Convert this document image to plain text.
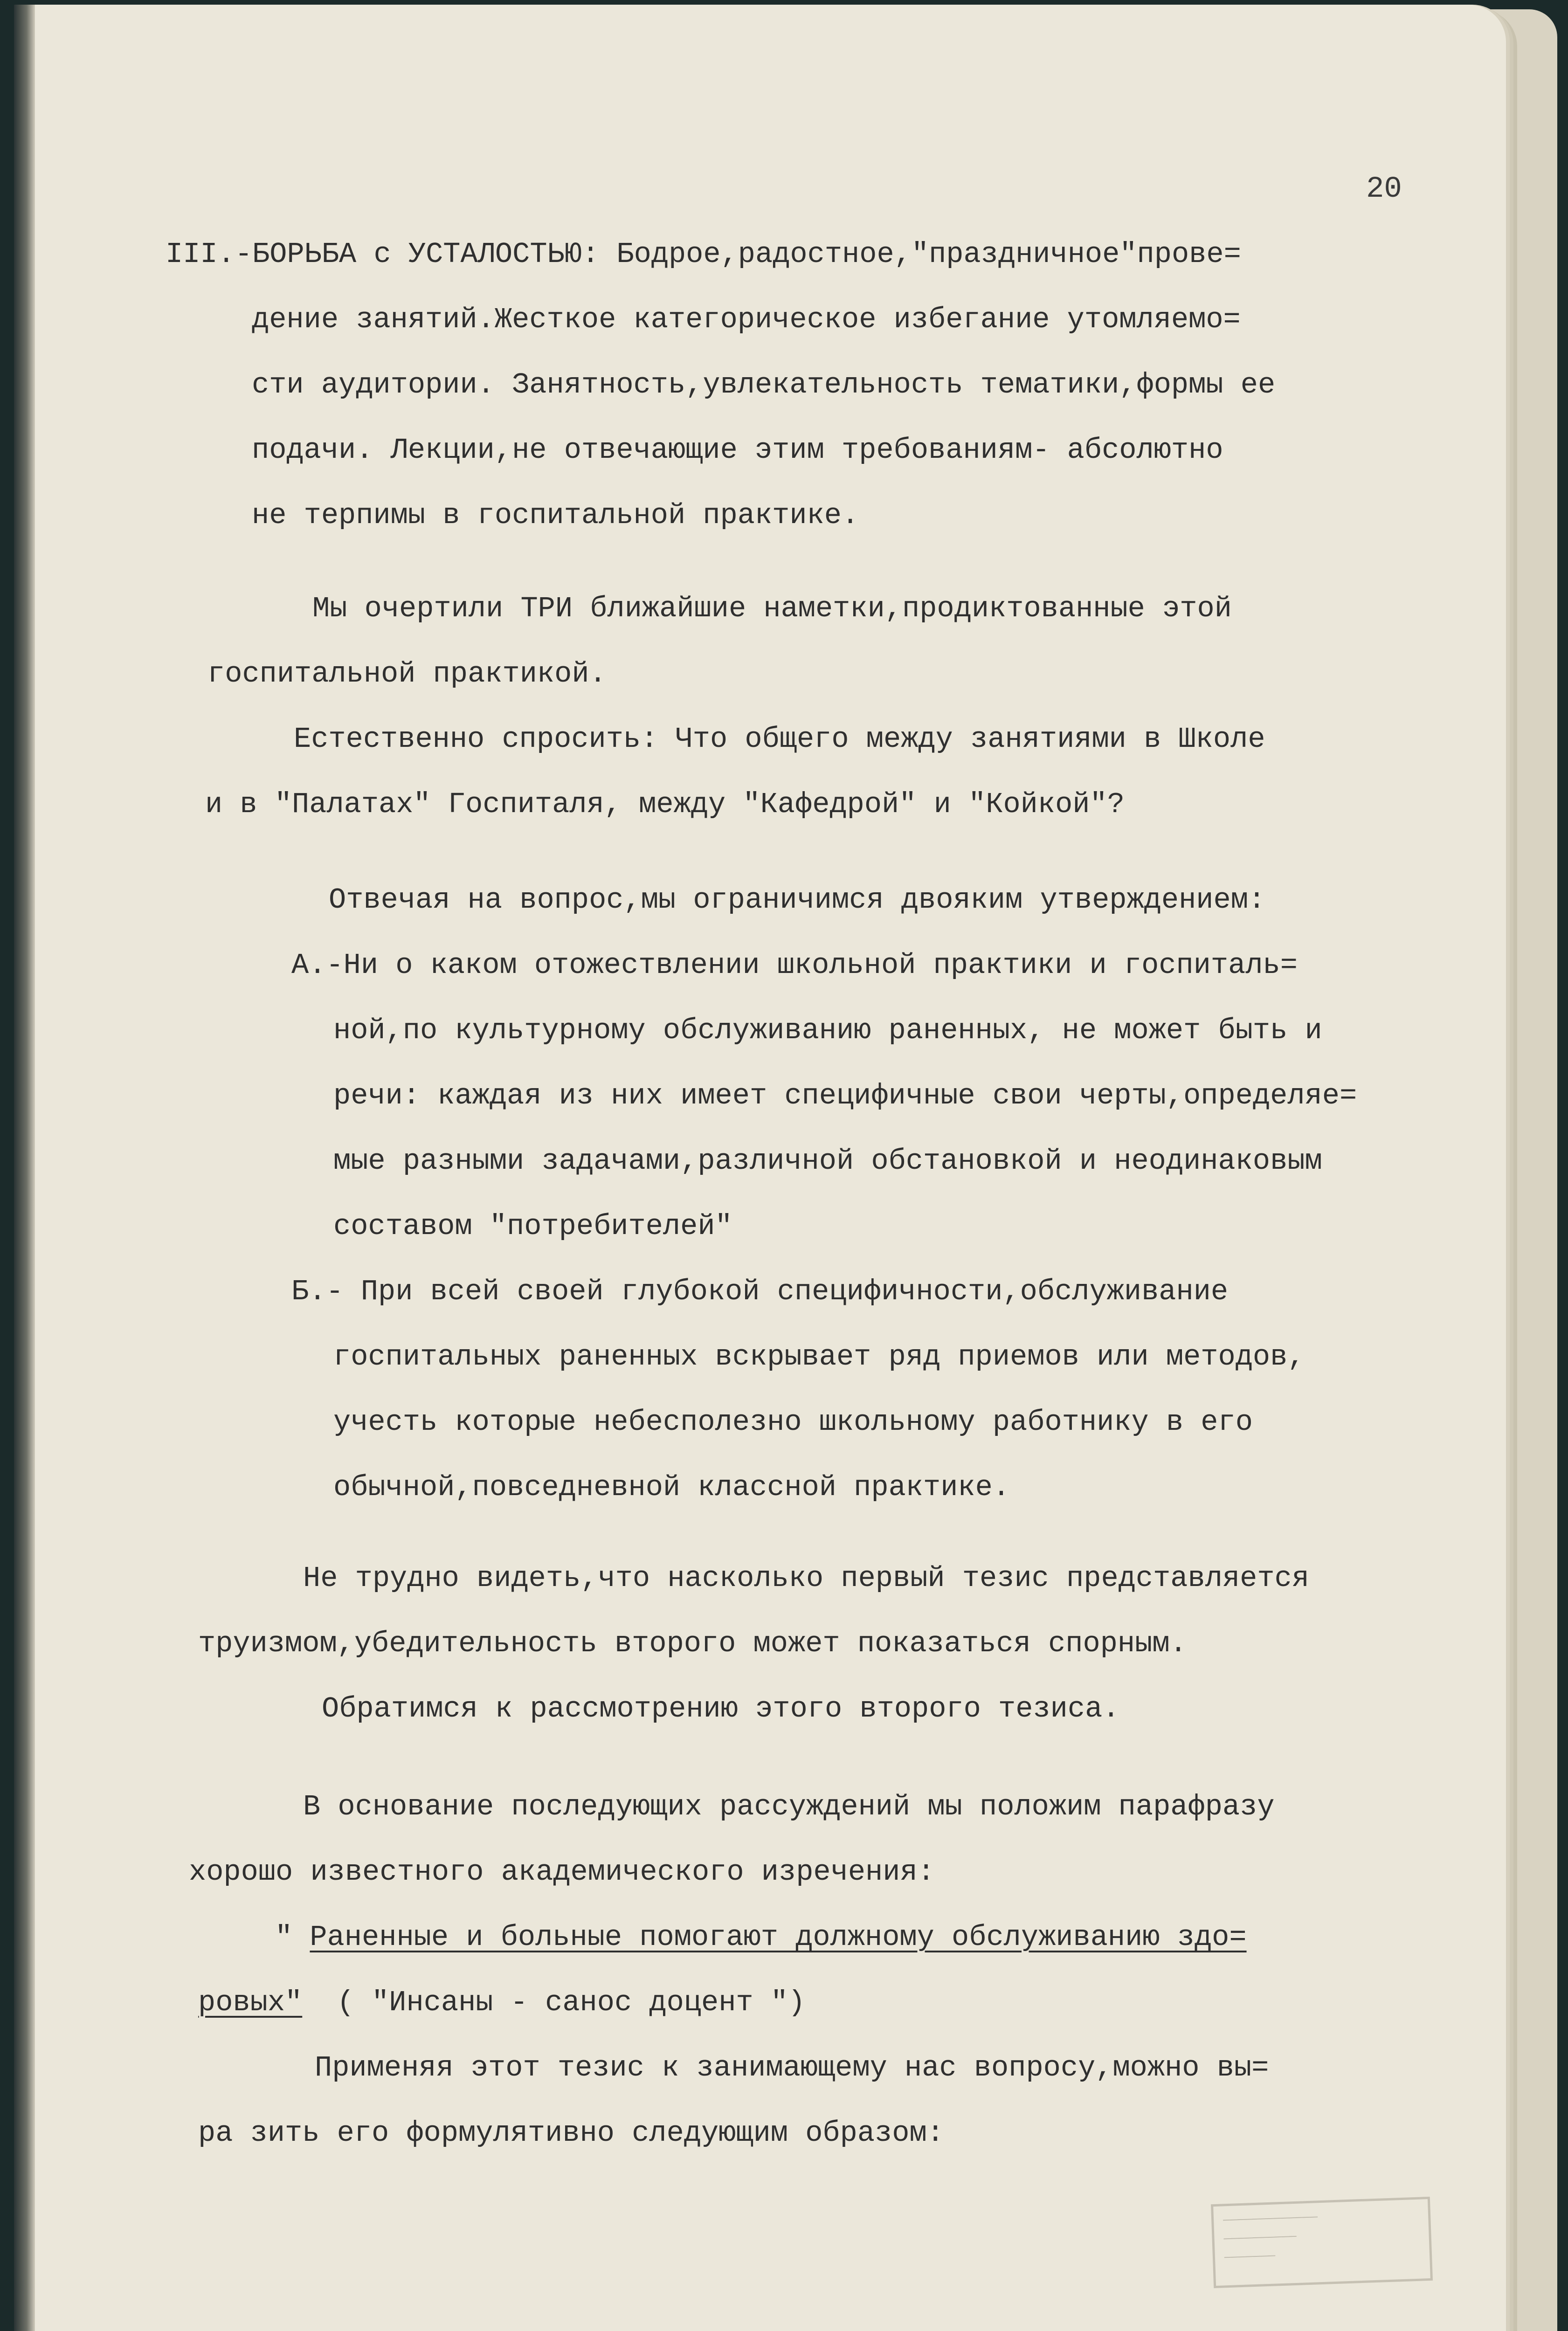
20
III.-БОРЬБА с УСТАЛОСТЬЮ: Бодрое,радостное,"праздничное"прове=
дение занятий.Жесткое категорическое избегание утомляемо=
сти аудитории. Занятность,увлекательность тематики,формы ее
подачи. Лекции,не отвечающие этим требованиям- абсолютно
не терпимы в госпитальной практике.
Мы очертили ТРИ ближайшие наметки,продиктованные этой
госпитальной практикой.
Естественно спросить: Что общего между занятиями в Школе
и в "Палатах" Госпиталя, между "Кафедрой" и "Койкой"?
Отвечая на вопрос,мы ограничимся двояким утверждением:
А.-Ни о каком отожествлении школьной практики и госпиталь=
ной,по культурному обслуживанию раненных, не может быть и
речи: каждая из них имеет специфичные свои черты,определяе=
мые разными задачами,различной обстановкой и неодинаковым
составом "потребителей"
Б.- При всей своей глубокой специфичности,обслуживание
госпитальных раненных вскрывает ряд приемов или методов,
учесть которые небесполезно школьному работнику в его
обычной,повседневной классной практике.
Не трудно видеть,что насколько первый тезис представляется
труизмом,убедительность второго может показаться спорным.
Обратимся к рассмотрению этого второго тезиса.
В основание последующих рассуждений мы положим парафразу
хорошо известного академического изречения:
" Раненные и больные помогают должному обслуживанию здо=
ровых"  ( "Инсаны - санос доцент ")
Применяя этот тезис к занимающему нас вопросу,можно вы=
ра зить его формулятивно следующим образом:
─────────────
──────────
───────
